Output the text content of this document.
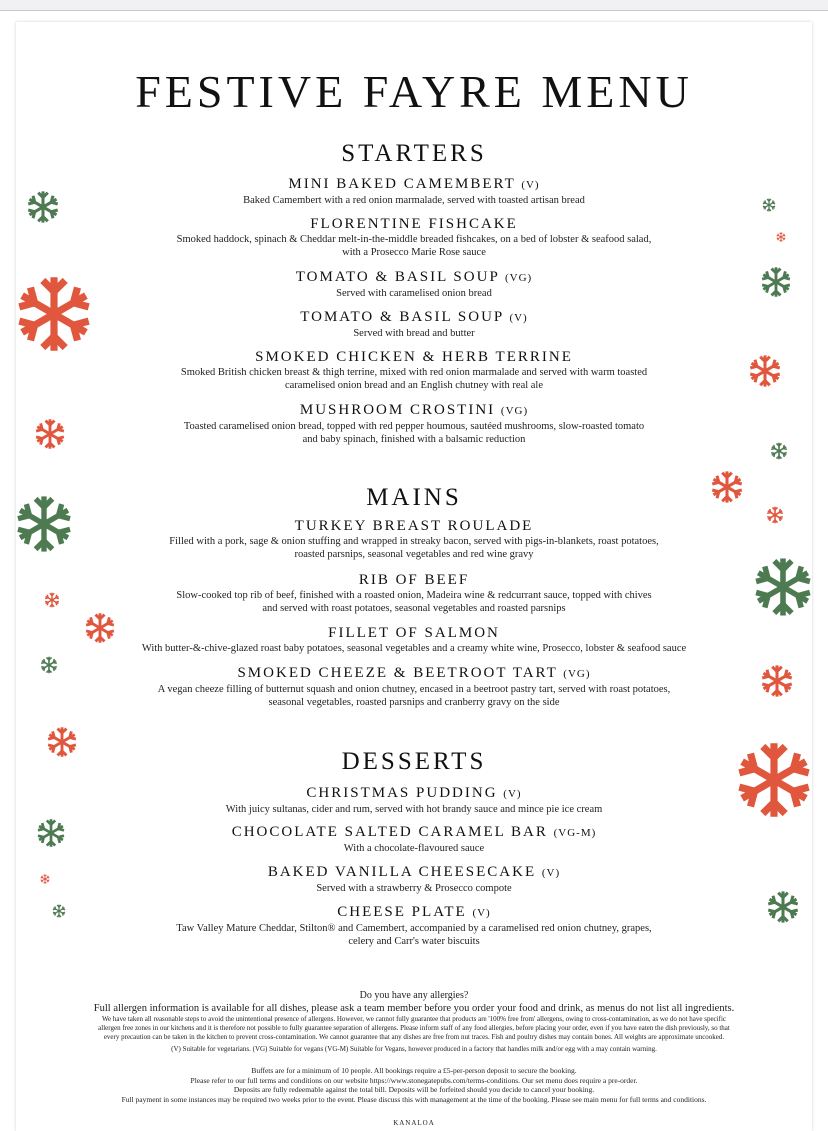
FESTIVE FAYRE MENU
STARTERS
MINI BAKED CAMEMBERT (V)
Baked Camembert with a red onion marmalade, served with toasted artisan bread
FLORENTINE FISHCAKE
Smoked haddock, spinach & Cheddar melt-in-the-middle breaded fishcakes, on a bed of lobster & seafood salad,
with a Prosecco Marie Rose sauce
TOMATO & BASIL SOUP (VG)
Served with caramelised onion bread
TOMATO & BASIL SOUP (V)
Served with bread and butter
SMOKED CHICKEN & HERB TERRINE
Smoked British chicken breast & thigh terrine, mixed with red onion marmalade and served with warm toasted
caramelised onion bread and an English chutney with real ale
MUSHROOM CROSTINI (VG)
Toasted caramelised onion bread, topped with red pepper houmous, sautéed mushrooms, slow-roasted tomato
and baby spinach, finished with a balsamic reduction
MAINS
TURKEY BREAST ROULADE
Filled with a pork, sage & onion stuffing and wrapped in streaky bacon, served with pigs-in-blankets, roast potatoes,
roasted parsnips, seasonal vegetables and red wine gravy
RIB OF BEEF
Slow-cooked top rib of beef, finished with a roasted onion, Madeira wine & redcurrant sauce, topped with chives
and served with roast potatoes, seasonal vegetables and roasted parsnips
FILLET OF SALMON
With butter-&-chive-glazed roast baby potatoes, seasonal vegetables and a creamy white wine, Prosecco, lobster & seafood sauce
SMOKED CHEEZE & BEETROOT TART (VG)
A vegan cheeze filling of butternut squash and onion chutney, encased in a beetroot pastry tart, served with roast potatoes,
seasonal vegetables, roasted parsnips and cranberry gravy on the side
DESSERTS
CHRISTMAS PUDDING (V)
With juicy sultanas, cider and rum, served with hot brandy sauce and mince pie ice cream
CHOCOLATE SALTED CARAMEL BAR (VG-M)
With a chocolate-flavoured sauce
BAKED VANILLA CHEESECAKE (V)
Served with a strawberry & Prosecco compote
CHEESE PLATE (V)
Taw Valley Mature Cheddar, Stilton® and Camembert, accompanied by a caramelised red onion chutney, grapes,
celery and Carr's water biscuits
Do you have any allergies?
Full allergen information is available for all dishes, please ask a team member before you order your food and drink, as menus do not list all ingredients.
We have taken all reasonable steps to avoid the unintentional presence of allergens. However, we cannot fully guarantee that products are '100% free from' allergens, owing to cross-contamination, as we do not have specific
allergen free zones in our kitchens and it is therefore not possible to fully guarantee separation of allergens. Please inform staff of any food allergies, before placing your order, even if you have eaten the dish previously, so that
every precaution can be taken in the kitchen to prevent cross-contamination. We cannot guarantee that any dishes are free from nut traces. Fish and poultry dishes may contain bones. All weights are approximate uncooked.
(V) Suitable for vegetarians. (VG) Suitable for vegans (VG-M) Suitable for Vegans, however produced in a factory that handles milk and/or egg with a may contain warning.
Buffets are for a minimum of 10 people. All bookings require a £5-per-person deposit to secure the booking.
Please refer to our full terms and conditions on our website https://www.stonegatepubs.com/terms-conditions. Our set menu does require a pre-order.
Deposits are fully redeemable against the total bill. Deposits will be forfeited should you decide to cancel your booking.
Full payment in some instances may be required two weeks prior to the event. Please discuss this with management at the time of the booking. Please see main menu for full terms and conditions.
KANALOA
